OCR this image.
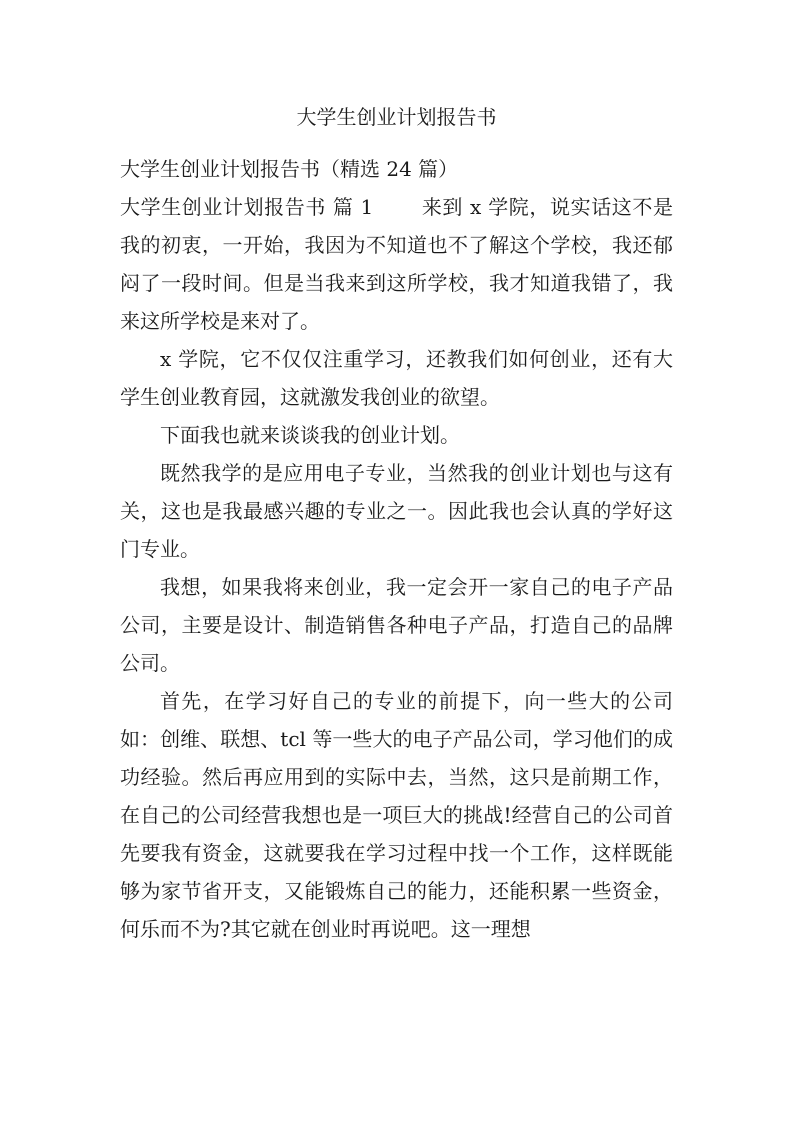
大学生创业计划报告书

大学生创业计划报告书（精选 24 篇）

大学生创业计划报告书 篇 1 来到 x 学院，说实话这不是我的初衷，一开始，我因为不知道也不了解这个学校，我还郁闷了一段时间。但是当我来到这所学校，我才知道我错了，我来这所学校是来对了。

x 学院，它不仅仅注重学习，还教我们如何创业，还有大学生创业教育园，这就激发我创业的欲望。

下面我也就来谈谈我的创业计划。

既然我学的是应用电子专业，当然我的创业计划也与这有关，这也是我最感兴趣的专业之一。因此我也会认真的学好这门专业。

我想，如果我将来创业，我一定会开一家自己的电子产品公司，主要是设计、制造销售各种电子产品，打造自己的品牌公司。

首先，在学习好自己的专业的前提下，向一些大的公司如：创维、联想、tcl 等一些大的电子产品公司，学习他们的成功经验。然后再应用到的实际中去，当然，这只是前期工作，在自己的公司经营我想也是一项巨大的挑战!经营自己的公司首先要我有资金，这就要我在学习过程中找一个工作，这样既能够为家节省开支，又能锻炼自己的能力，还能积累一些资金，何乐而不为?其它就在创业时再说吧。这一理想
